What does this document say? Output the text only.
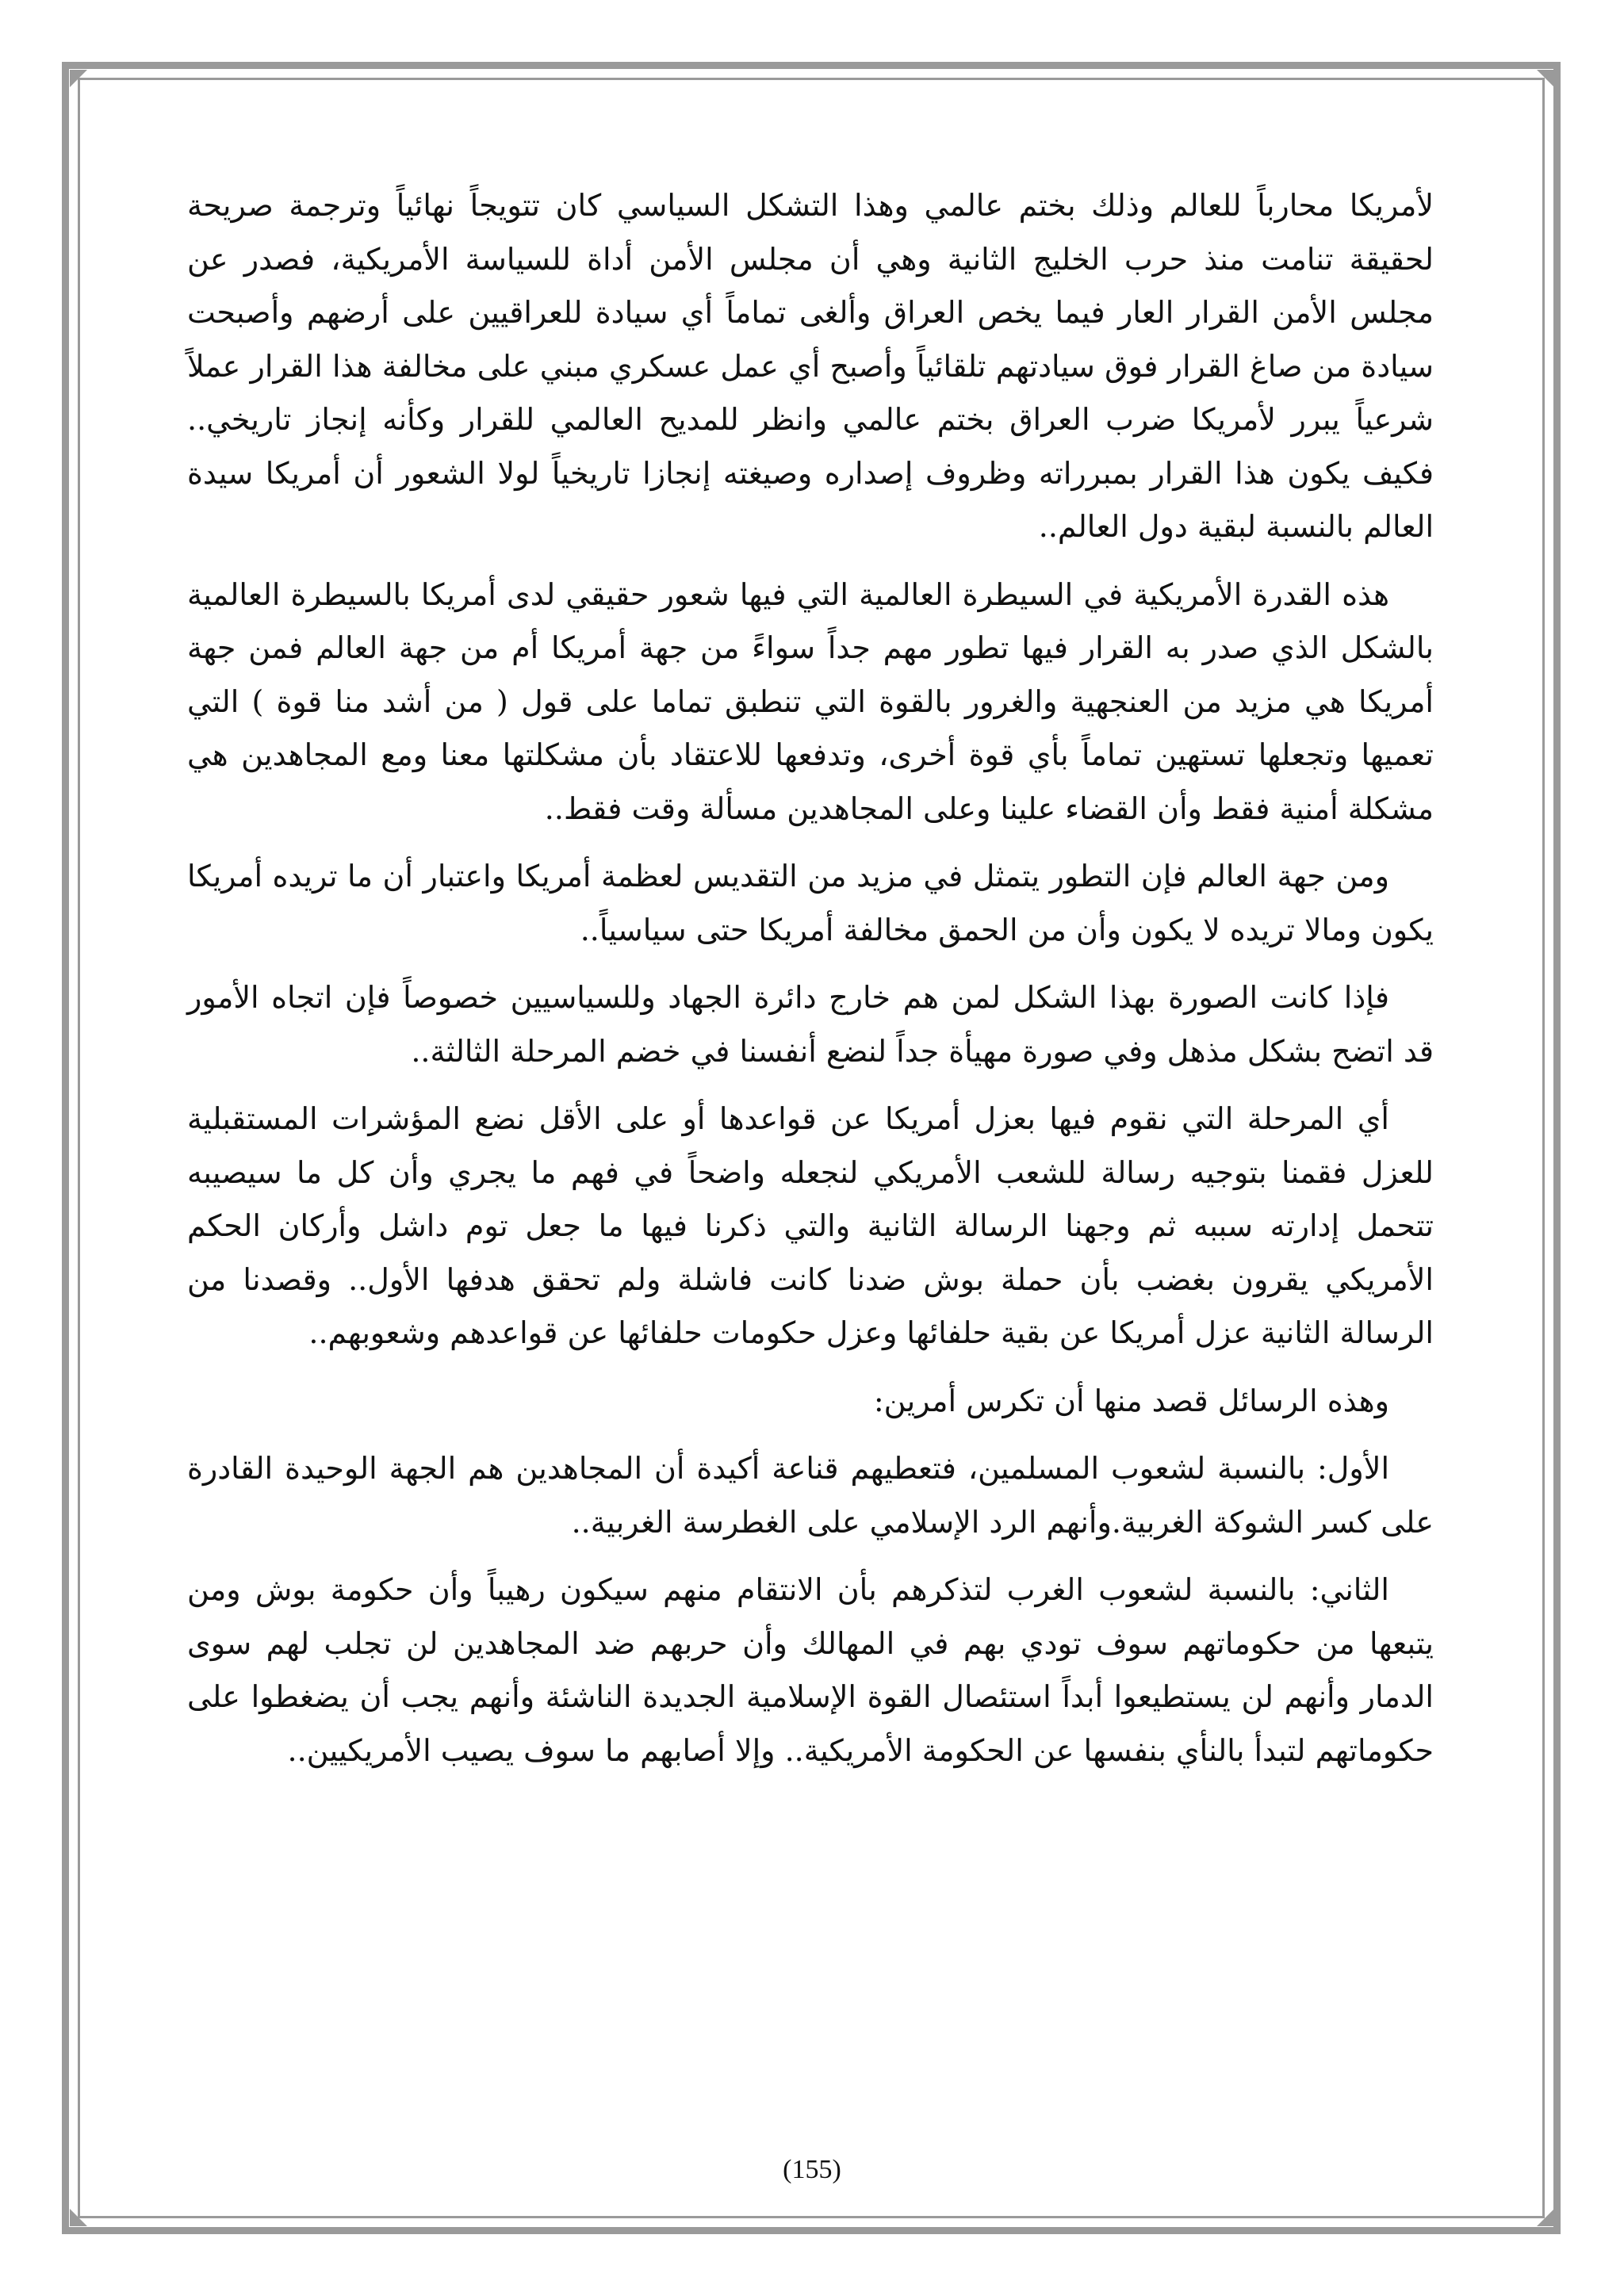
لأمريكا محارباً للعالم وذلك بختم عالمي وهذا التشكل السياسي كان تتويجاً نهائياً وترجمة صريحة لحقيقة تنامت منذ حرب الخليج الثانية وهي أن مجلس الأمن أداة للسياسة الأمريكية، فصدر عن مجلس الأمن القرار العار فيما يخص العراق وألغى تماماً أي سيادة للعراقيين على أرضهم وأصبحت سيادة من صاغ القرار فوق سيادتهم تلقائياً وأصبح أي عمل عسكري مبني على مخالفة هذا القرار عملاً شرعياً يبرر لأمريكا ضرب العراق بختم عالمي وانظر للمديح العالمي للقرار وكأنه إنجاز تاريخي.. فكيف يكون هذا القرار بمبرراته وظروف إصداره وصيغته إنجازا تاريخياً لولا الشعور أن أمريكا سيدة العالم بالنسبة لبقية دول العالم..

هذه القدرة الأمريكية في السيطرة العالمية التي فيها شعور حقيقي لدى أمريكا بالسيطرة العالمية بالشكل الذي صدر به القرار فيها تطور مهم جداً سواءً من جهة أمريكا أم من جهة العالم فمن جهة أمريكا هي مزيد من العنجهية والغرور بالقوة التي تنطبق تماما على قول ( من أشد منا قوة ) التي تعميها وتجعلها تستهين تماماً بأي قوة أخرى، وتدفعها للاعتقاد بأن مشكلتها معنا ومع المجاهدين هي مشكلة أمنية فقط وأن القضاء علينا وعلى المجاهدين مسألة وقت فقط..

ومن جهة العالم فإن التطور يتمثل في مزيد من التقديس لعظمة أمريكا واعتبار أن ما تريده أمريكا يكون ومالا تريده لا يكون وأن من الحمق مخالفة أمريكا حتى سياسياً..

فإذا كانت الصورة بهذا الشكل لمن هم خارج دائرة الجهاد وللسياسيين خصوصاً فإن اتجاه الأمور قد اتضح بشكل مذهل وفي صورة مهيأة جداً لنضع أنفسنا في خضم المرحلة الثالثة..

أي المرحلة التي نقوم فيها بعزل أمريكا عن قواعدها أو على الأقل نضع المؤشرات المستقبلية للعزل فقمنا بتوجيه رسالة للشعب الأمريكي لنجعله واضحاً في فهم ما يجري وأن كل ما سيصيبه تتحمل إدارته سببه ثم وجهنا الرسالة الثانية والتي ذكرنا فيها ما جعل توم داشل وأركان الحكم الأمريكي يقرون بغضب بأن حملة بوش ضدنا كانت فاشلة ولم تحقق هدفها الأول.. وقصدنا من الرسالة الثانية عزل أمريكا عن بقية حلفائها وعزل حكومات حلفائها عن قواعدهم وشعوبهم..

وهذه الرسائل قصد منها أن تكرس أمرين:

الأول: بالنسبة لشعوب المسلمين، فتعطيهم قناعة أكيدة أن المجاهدين هم الجهة الوحيدة القادرة على كسر الشوكة الغربية.وأنهم الرد الإسلامي على الغطرسة الغربية..

الثاني: بالنسبة لشعوب الغرب لتذكرهم بأن الانتقام منهم سيكون رهيباً وأن حكومة بوش ومن يتبعها من حكوماتهم سوف تودي بهم في المهالك وأن حربهم ضد المجاهدين لن تجلب لهم سوى الدمار وأنهم لن يستطيعوا أبداً استئصال القوة الإسلامية الجديدة الناشئة وأنهم يجب أن يضغطوا على حكوماتهم لتبدأ بالنأي بنفسها عن الحكومة الأمريكية.. وإلا أصابهم ما سوف يصيب الأمريكيين..

(155)
